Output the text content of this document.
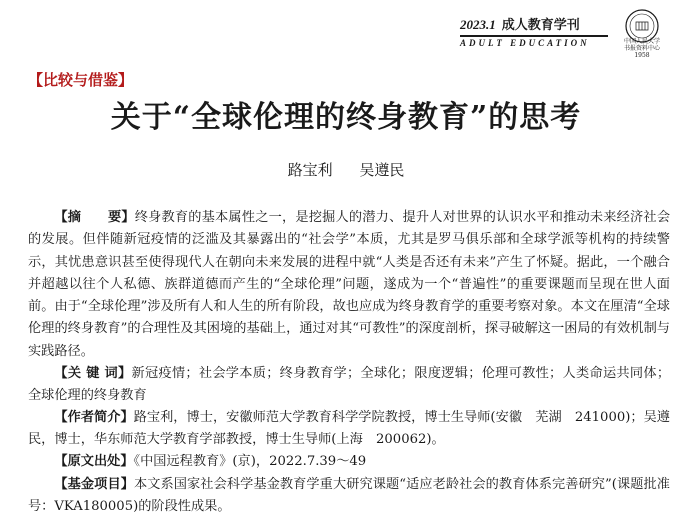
2023.1 成人教育学刊
ADULT EDUCATION	中国人民大学
书报资料中心
1958
【比较与借鉴】
关于“全球伦理的终身教育”的思考
路宝利 吴遵民
【摘　　要】终身教育的基本属性之一，是挖掘人的潜力、提升人对世界的认识水平和推动未来经济社会的发展。但伴随新冠疫情的泛滥及其暴露出的“社会学”本质，尤其是罗马俱乐部和全球学派等机构的持续警示，其忧患意识甚至使得现代人在朝向未来发展的进程中就“人类是否还有未来”产生了怀疑。据此，一个融合并超越以往个人私德、族群道德而产生的“全球伦理”问题，遂成为一个“普遍性”的重要课题而呈现在世人面前。由于“全球伦理”涉及所有人和人生的所有阶段，故也应成为终身教育学的重要考察对象。本文在厘清“全球伦理的终身教育”的合理性及其困境的基础上，通过对其“可教性”的深度剖析，探寻破解这一困局的有效机制与实践路径。
【关 键 词】新冠疫情；社会学本质；终身教育学；全球化；限度逻辑；伦理可教性；人类命运共同体；全球伦理的终身教育
【作者简介】路宝利，博士，安徽师范大学教育科学学院教授，博士生导师(安徽　芜湖　241000)；吴遵民，博士，华东师范大学教育学部教授，博士生导师(上海　200062)。
【原文出处】《中国远程教育》(京)，2022.7.39～49
【基金项目】本文系国家社会科学基金教育学重大研究课题“适应老龄社会的教育体系完善研究”(课题批准号：VKA180005)的阶段性成果。
